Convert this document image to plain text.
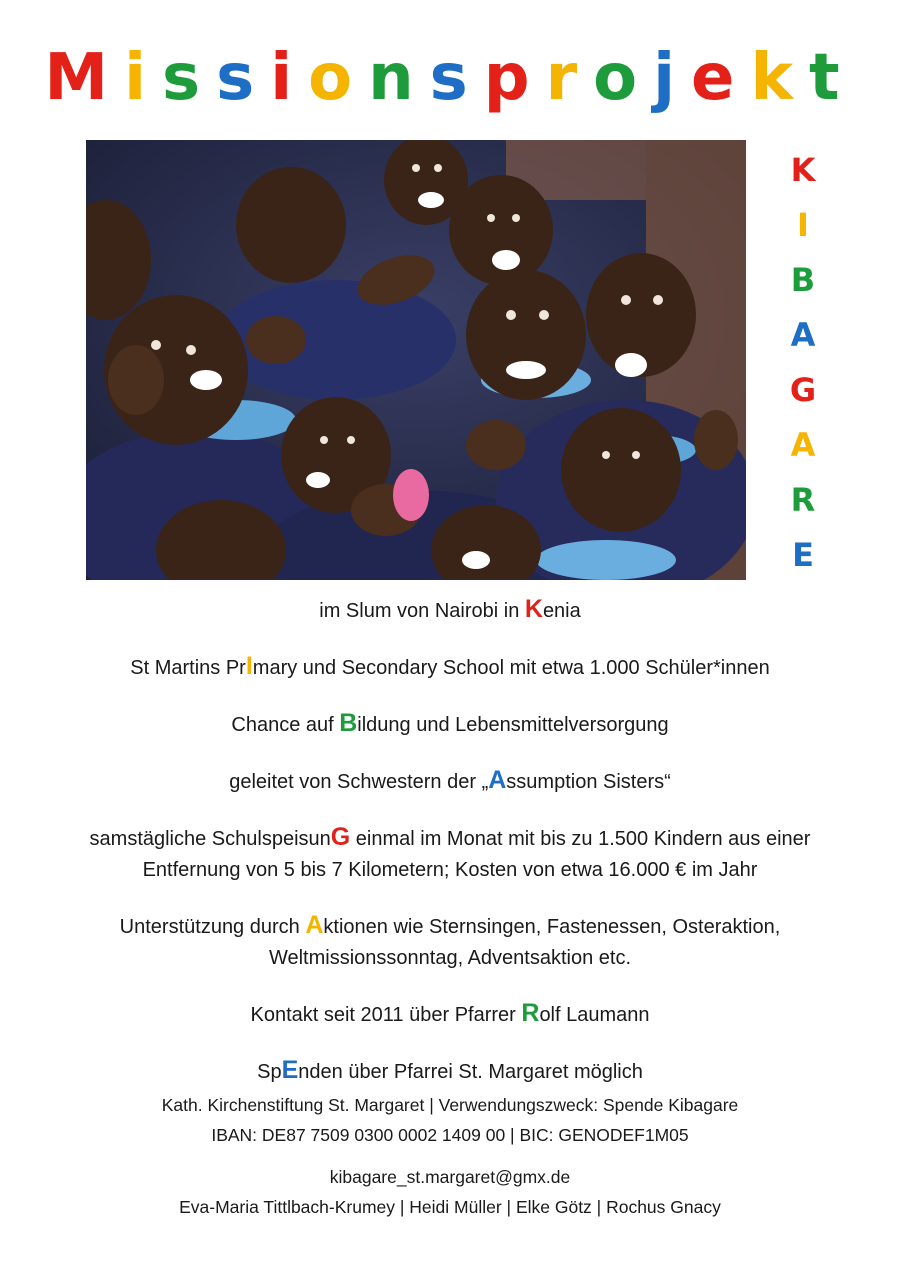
Missionsprojekt
K
I
B
A
G
A
R
E
im Slum von Nairobi in Kenia
St Martins PrImary und Secondary School mit etwa 1.000 Schüler*innen
Chance auf Bildung und Lebensmittelversorgung
geleitet von Schwestern der „Assumption Sisters“
samstägliche SchulspeisunG einmal im Monat mit bis zu 1.500 Kindern aus einer Entfernung von 5 bis 7 Kilometern; Kosten von etwa 16.000 € im Jahr
Unterstützung durch Aktionen wie Sternsingen, Fastenessen, Osteraktion, Weltmissionssonntag, Adventsaktion etc.
Kontakt seit 2011 über Pfarrer Rolf Laumann
SpEnden über Pfarrei St. Margaret möglich
Kath. Kirchenstiftung St. Margaret | Verwendungszweck: Spende Kibagare
IBAN: DE87 7509 0300 0002 1409 00 | BIC: GENODEF1M05
kibagare_st.margaret@gmx.de
Eva-Maria Tittlbach-Krumey | Heidi Müller | Elke Götz | Rochus Gnacy
